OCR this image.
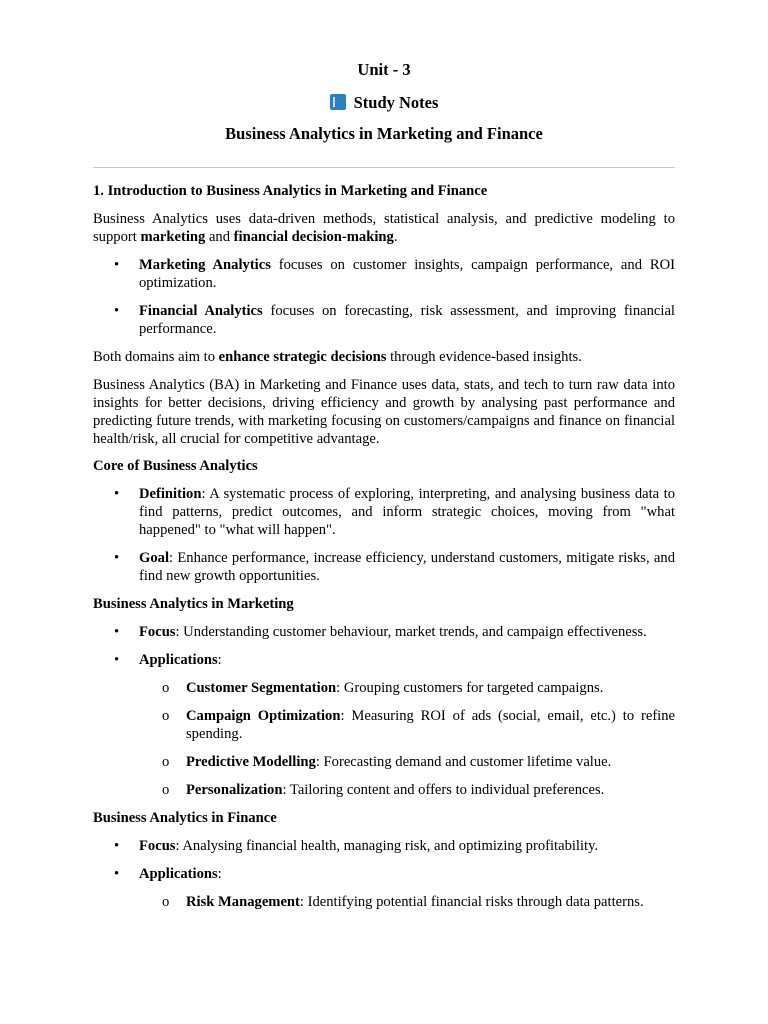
Unit - 3
Study Notes
Business Analytics in Marketing and Finance

1. Introduction to Business Analytics in Marketing and Finance

Business Analytics uses data-driven methods, statistical analysis, and predictive modeling to support marketing and financial decision-making.

• Marketing Analytics focuses on customer insights, campaign performance, and ROI optimization.
• Financial Analytics focuses on forecasting, risk assessment, and improving financial performance.

Both domains aim to enhance strategic decisions through evidence-based insights.

Business Analytics (BA) in Marketing and Finance uses data, stats, and tech to turn raw data into insights for better decisions, driving efficiency and growth by analysing past performance and predicting future trends, with marketing focusing on customers/campaigns and finance on financial health/risk, all crucial for competitive advantage.

Core of Business Analytics

• Definition: A systematic process of exploring, interpreting, and analysing business data to find patterns, predict outcomes, and inform strategic choices, moving from "what happened" to "what will happen".
• Goal: Enhance performance, increase efficiency, understand customers, mitigate risks, and find new growth opportunities.

Business Analytics in Marketing

• Focus: Understanding customer behaviour, market trends, and campaign effectiveness.
• Applications:
o Customer Segmentation: Grouping customers for targeted campaigns.
o Campaign Optimization: Measuring ROI of ads (social, email, etc.) to refine spending.
o Predictive Modelling: Forecasting demand and customer lifetime value.
o Personalization: Tailoring content and offers to individual preferences.

Business Analytics in Finance

• Focus: Analysing financial health, managing risk, and optimizing profitability.
• Applications:
o Risk Management: Identifying potential financial risks through data patterns.
